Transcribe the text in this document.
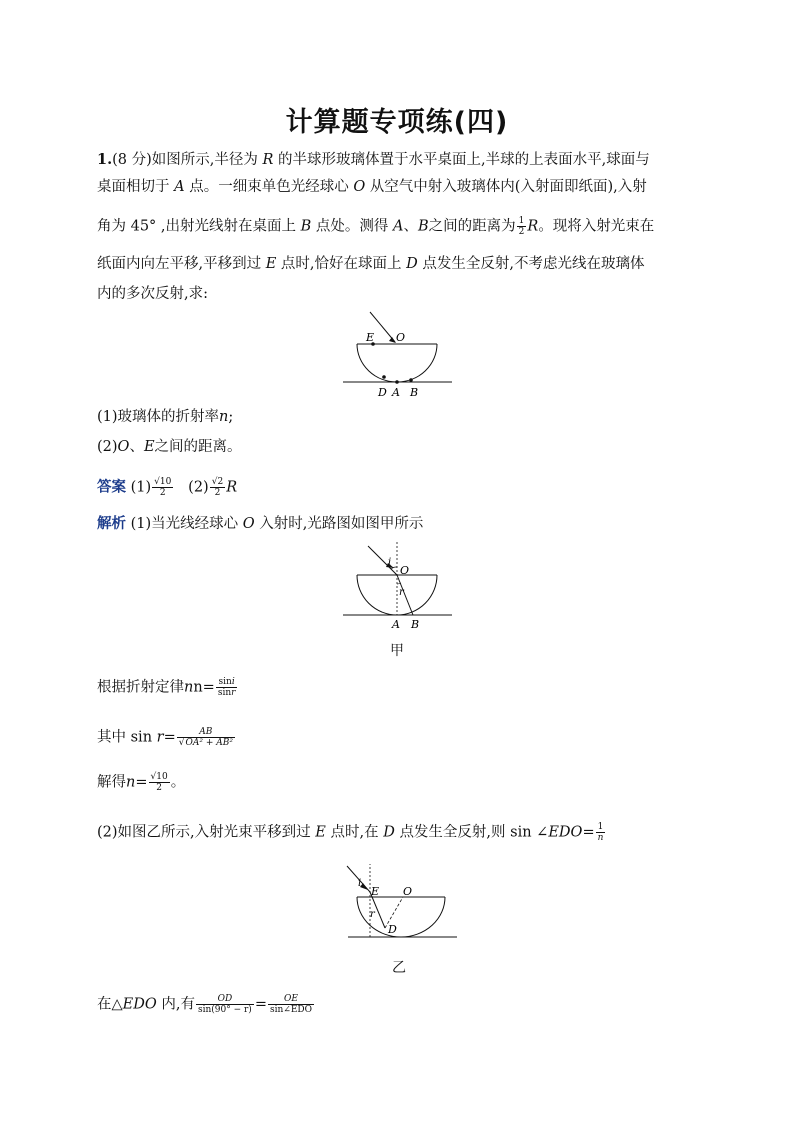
计算题专项练(四)
1.(8 分)如图所示,半径为 R 的半球形玻璃体置于水平桌面上,半球的上表面水平,球面与
桌面相切于 A 点。一细束单色光经球心 O 从空气中射入玻璃体内(入射面即纸面),入射
角为 45° ,出射光线射在桌面上 B 点处。测得 A、B之间的距离为 $\frac{1}{2}$ R。现将入射光束在
纸面内向左平移,平移到过 E 点时,恰好在球面上 D 点发生全反射,不考虑光线在玻璃体
内的多次反射,求:
E O
D A B
(1)玻璃体的折射率n;
(2)O、E之间的距离。
答案 $(1) \frac{√10}{2} (2) \frac{√2}{2}$ R
解析 (1)当光线经球心 O 入射时,光路图如图甲所示
i
O
r
A B
甲
根据折射定律$nn= \frac{\sin i}{\sin r}$
其中 $\sin r= \frac{AB}{\text{√OA² + AB²}}$
解得$n= \frac{√10}{2}$ 。
(2)如图乙所示,入射光束平移到过 E 点时,在 D 点发生全反射,则 sin ∠EDO= $\frac{1}{n}$
i
E O
r
D
乙
在△EDO 内,有 $\frac{OD}{\sin(90^\circ - r)} = \frac{OE}{\text{sin∠EDO}}$
